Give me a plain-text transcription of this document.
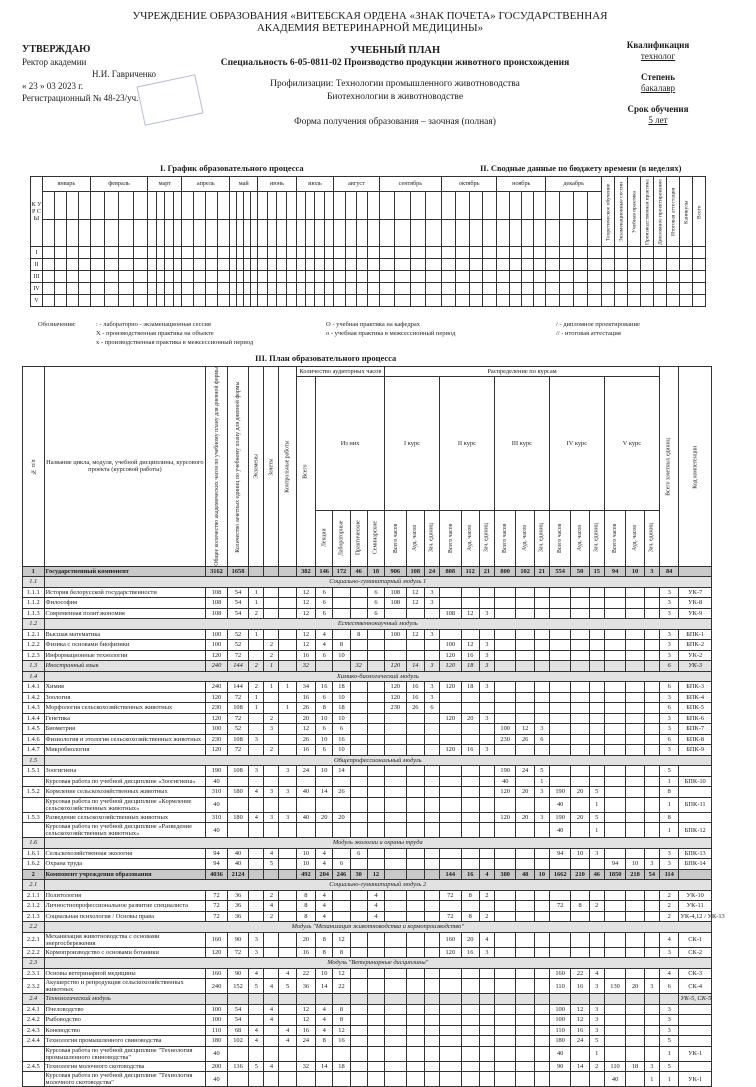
УЧРЕЖДЕНИЕ ОБРАЗОВАНИЯ «ВИТЕБСКАЯ ОРДЕНА «ЗНАК ПОЧЕТА» ГОСУДАРСТВЕННАЯ
АКАДЕМИЯ ВЕТЕРИНАРНОЙ МЕДИЦИНЫ»
УТВЕРЖДАЮ
Ректор академии
Н.И. Гавриченко
« 23 » 03 2023 г.
Регистрационный № 48-23/уч.
УЧЕБНЫЙ ПЛАН
Специальность 6-05-0811-02 Производство продукции животного происхождения
Профилизации: Технологии промышленного животноводства
Биотехнологии в животноводстве
Форма получения образования – заочная (полная)
Квалификация
технолог
Степень
бакалавр
Срок обучения
5 лет
I. График образовательного процесса	II. Сводные данные по бюджету времени (в неделях)
К У Р С Ы	январь				февраль				март				апрель				май				июнь				июль				август				сентябрь				октябрь				ноябрь				декабрь				Теоретическое обучение	Экзаменационные сессии	Учебная практика	Производственная практика	Дипломное проектирование	Итоговая аттестация	Каникулы	Всего

I																																																								
II																																																								
III																																																								
IV																																																								
V																																																								
Обозначения:	: - лабораторно - экзаменационная сессия	О - учебная практика на кафедрах	/ - дипломное проектирование
X - производственная практика на объекте	о - учебная практика в межсессионный период	// - итоговая аттестация
х - производственная практика в межсессионный период
III. План образовательного процесса
№ п/п	Название цикла, модуля, учебной дисциплины, курсового проекта (курсовой работы)	Общее количество академических часов по учебному плану для дневной формы	Количество зачетных единиц по учебному плану для дневной формы	Экзамены	Зачеты	Контрольные работы	Количество аудиторных часов					Распределение по курсам															Всего зачетных единиц	Код компетенции
							Всего	Из них				I курс			II курс			III курс			IV курс			V курс				
								Лекции	Лабораторные	Практические	Семинарские	Всего часов	Ауд. часов	Зач. единиц	Всего часов	Ауд. часов	Зач. единиц	Всего часов	Ауд. часов	Зач. единиц	Всего часов	Ауд. часов	Зач. единиц	Всего часов	Ауд. часов	Зач. единиц		
1	Государственный компонент	3162	1658				382	146	172	46	18	906	108	24	808	112	21	800	102	21	554	50	15	94	10	3	84	
1.1	Социально-гуманитарный модуль 1																											
1.1.1	История белорусской государственности	108	54	1			12	6			6	108	12	3													3	УК-7
1.1.2	Философия	108	54	1			12	6			6	108	12	3													3	УК-8
1.1.3	Современная политэкономия	108	54	2			12	6			6				108	12	3										3	УК-9
1.2	Естественнонаучный модуль																											
1.2.1	Высшая математика	100	52	1			12	4		8		100	12	3													3	БПК-1
1.2.2	Физика с основами биофизики	100	52		2		12	4	8						100	12	3										3	БПК-2
1.2.3	Информационные технологии	120	72		2		16	6	10						120	16	3										3	УК-2
1.3	Иностранный язык	240	144	2	1		32			32		120	14	3	120	18	3										6	УК-3
1.4	Химико-биологический модуль																											
1.4.1	Химия	240	144	2	1	1	34	16	18			120	16	3	120	18	3										6	БПК-3
1.4.2	Зоология	120	72	1			16	6	10			120	16	3													3	БПК-4
1.4.3	Морфология сельскохозяйственных животных	230	108	1		1	26	8	18			230	26	6													6	БПК-5
1.4.4	Генетика	120	72		2		20	10	10						120	20	3										3	БПК-6
1.4.5	Биометрия	100	52		3		12	6	6									100	12	3							3	БПК-7
1.4.6	Физиология и этология сельскохозяйственных животных	230	108	3			26	10	16									230	26	6							6	БПК-8
1.4.7	Микробиология	120	72		2		16	6	10						120	16	3										3	БПК-9
1.5	Общепрофессиональный модуль																											
1.5.1	Зоогигиена	190	108	3		3	24	10	14									190	24	5							5	
	Курсовая работа по учебной дисциплине «Зоогигиена»	40																40		1							1	БПК-10
1.5.2	Кормление сельскохозяйственных животных	310	180	4	3	3	40	14	26									120	20	3	190	20	5				8	
	Курсовая работа по учебной дисциплине «Кормление сельскохозяйственных животных»	40																			40		1				1	БПК-11
1.5.3	Разведение сельскохозяйственных животных	310	180	4	3	3	40	20	20									120	20	3	190	20	5				8	
	Курсовая работа по учебной дисциплине «Разведение сельскохозяйственных животных»	40																			40		1				1	БПК-12
1.6	Модуль экологии и охраны труда																											
1.6.1	Сельскохозяйственная экология	94	40		4		10	4		6											94	10	3				3	БПК-13
1.6.2	Охрана труда	94	40		5		10	4	6															94	10	3	3	БПК-14
2	Компонент учреждения образования	4036	2124				492	204	246	30	12				144	16	4	380	48	10	1662	210	46	1850	218	54	114	
2.1	Социально-гуманитарный модуль 2																											
2.1.1	Политология	72	36		2		8	4			4				72	8	2										2	УК-10
2.1.2	Личностнопрофессиональное развитие специалиста	72	36		4		8	4			4										72	8	2				2	УК-11
2.1.3	Социальная психология / Основы права	72	36		2		8	4			4				72	8	2										2	УК-4,12 / УК-13
2.2	Модуль "Механизация животноводства и кормопроизводство"																											
2.2.1	Механизация животноводства с основами энергосбережения	160	90	3			20	8	12						160	20	4										4	СК-1
2.2.2	Кормопроизводство с основами ботаники	120	72	3			16	8	8						120	16	3										3	СК-2
2.3	Модуль "Ветеринарные дисциплины"																											
2.3.1	Основы ветеринарной медицины	160	90	4		4	22	10	12												160	22	4				4	СК-3
2.3.2	Акушерство и репродукция сельскохозяйственных животных	240	152	5	4	5	36	14	22												110	16	3	130	20	3	6	СК-4
2.4	Технологический модуль																											УК-5, СК-5
2.4.1	Пчеловодство	100	54		4		12	4	8												100	12	3				3	
2.4.2	Рыбоводство	100	54		4		12	4	8												100	12	3				3	
2.4.3	Коневодство	110	68	4		4	16	4	12												110	16	3				3	
2.4.4	Технология промышленного свиноводства	180	102	4		4	24	8	16												180	24	5				5	
	Курсовая работа по учебной дисциплине "Технология промышленного свиноводства"	40																			40		1				1	УК-1
2.4.5	Технология молочного скотоводства	200	136	5	4		32	14	18												90	14	2	110	18	3	5	
	Курсовая работа по учебной дисциплине "Технология молочного скотоводства"	40																						40		1	1	УК-1
